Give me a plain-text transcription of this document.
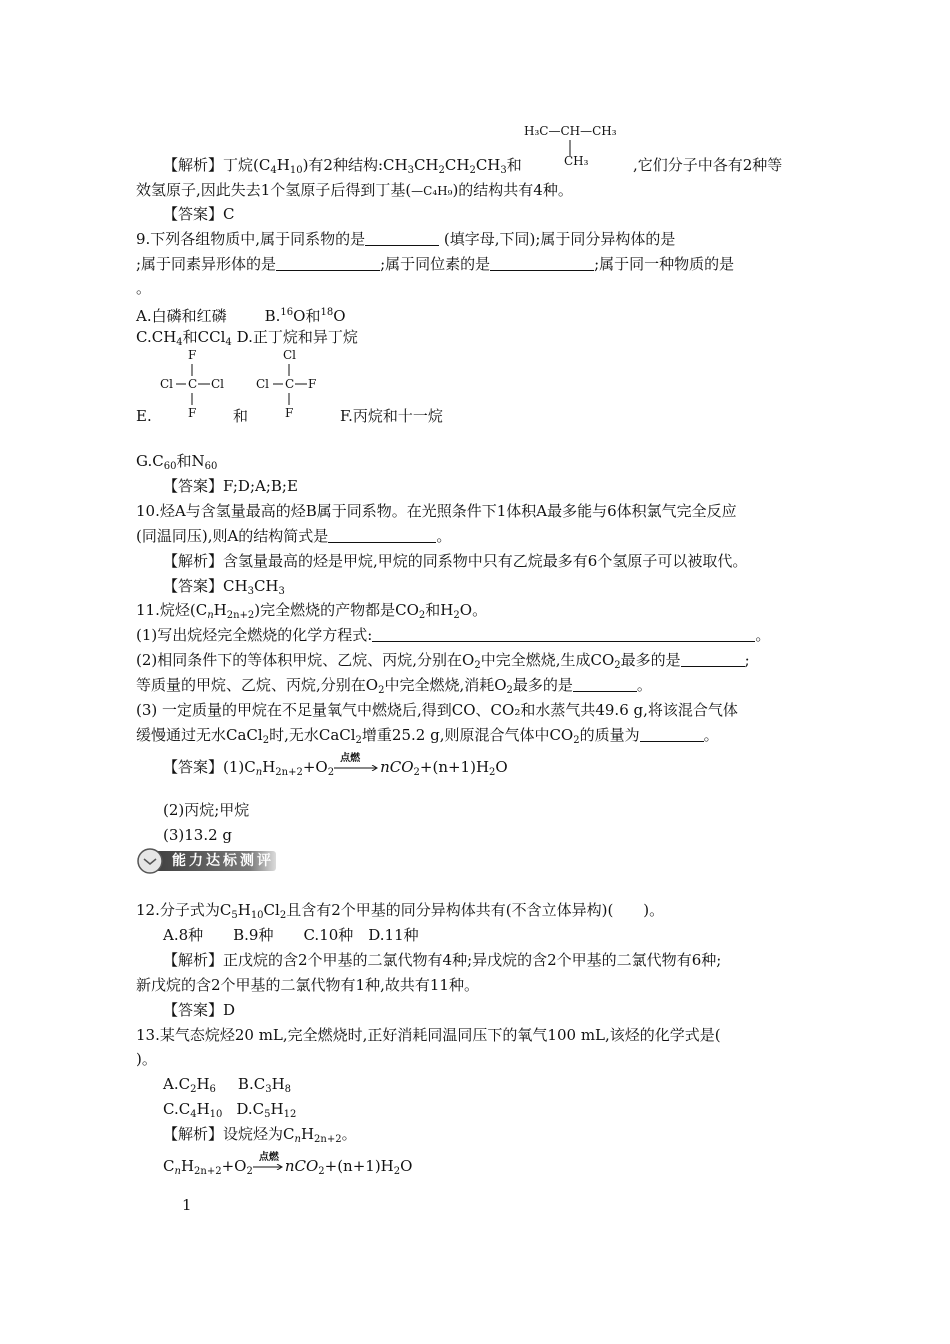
H₃C—CH—CH₃
CH₃
【解析】丁烷$(C_4H_{10})$有2种结构$:CH_3CH_2CH_2CH_3$和	,它们分子中各有2种等
效氢原子,因此失去1个氢原子后得到丁基(—C₄H₉)的结构共有4种。
【答案】C
9.下列各组物质中,属于同系物的是	(填字母,下同);属于同分异构体的是
;属于同素异形体的是	;属于同位素的是	;属于同一种物质的是
。
A.白磷和红磷	B.$^{16}$O和$^{18}$O
$C.CH_4$和CCl$_4$ D.正丁烷和异丁烷
F
Cl C Cl
F
Cl
Cl C F
F
E.	和	F.丙烷和十一烷
$G.C_{60}$和$N_{60}$
【答案】F;D;A;B;E
10.烃A与含氢量最高的烃B属于同系物。在光照条件下1体积A最多能与6体积氯气完全反应
(同温同压),则A的结构简式是	。
【解析】含氢量最高的烃是甲烷,甲烷的同系物中只有乙烷最多有6个氢原子可以被取代。
【答案】$CH_3CH_3$
11.烷烃$(C_nH_{2n+2})$完全燃烧的产物都是$CO_2$和$H_2O$。
(1)写出烷烃完全燃烧的化学方程式:	。
(2)相同条件下的等体积甲烷、乙烷、丙烷,分别在$O_2$中完全燃烧,生成$CO_2$最多的是	;
等质量的甲烷、乙烷、丙烷,分别在$O_2$中完全燃烧,消耗$O_2$最多的是	。
(3) 一定质量的甲烷在不足量氧气中燃烧后,得到CO、CO₂和水蒸气共49.6 g,将该混合气体
缓慢通过无水CaCl$_2$时,无水CaCl$_2$增重25.2 g,则原混合气体中$CO_2$的质量为	。
【答案】$(1)C_nH_{2n+2}+O_2$
点燃 $nCO_2+(n+1)H_2O$
(2)丙烷;甲烷
(3)13.2 g
能力达标测评
12.分子式为$C_5H_{10}Cl_2$且含有2个甲基的同分异构体共有(不含立体异构)(　　)。
A.8种　　B.9种　　C.10种　D.11种
【解析】正戊烷的含2个甲基的二氯代物有4种;异戊烷的含2个甲基的二氯代物有6种;
新戊烷的含2个甲基的二氯代物有1种,故共有11种。
【答案】D
13.某气态烷烃20 mL,完全燃烧时,正好消耗同温同压下的氧气100 mL,该烃的化学式是(
)。
$A.C_2H_6$ $B.C_3H_8$
$C.C_4H_{10}$ $D.C_5H_{12}$
【解析】设烷烃为$C_nH_{2n+2}$。
$C_nH_{2n+2}+O_2$
点燃 $nCO_2+(n+1)H_2O$
1
